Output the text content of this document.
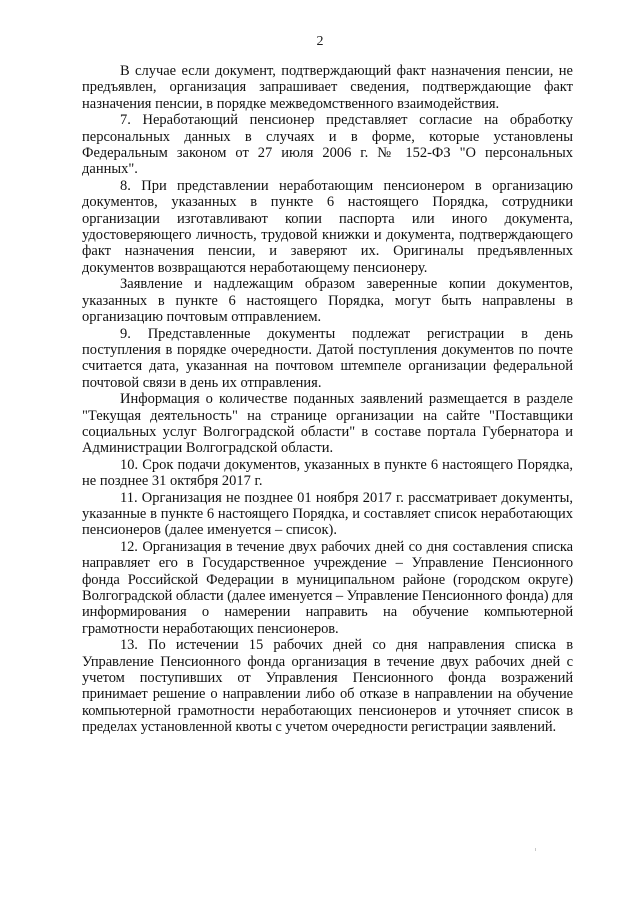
2

В случае если документ, подтверждающий факт назначения пенсии, не предъявлен, организация запрашивает сведения, подтверждающие факт назначения пенсии, в порядке межведомственного взаимодействия.

7. Неработающий пенсионер представляет согласие на обработку персональных данных в случаях и в форме, которые установлены Федеральным законом от 27 июля 2006 г. № 152-ФЗ "О персональных данных".

8. При представлении неработающим пенсионером в организацию документов, указанных в пункте 6 настоящего Порядка, сотрудники организации изготавливают копии паспорта или иного документа, удостоверяющего личность, трудовой книжки и документа, подтверждающего факт назначения пенсии, и заверяют их. Оригиналы предъявленных документов возвращаются неработающему пенсионеру.

Заявление и надлежащим образом заверенные копии документов, указанных в пункте 6 настоящего Порядка, могут быть направлены в организацию почтовым отправлением.

9. Представленные документы подлежат регистрации в день поступления в порядке очередности. Датой поступления документов по почте считается дата, указанная на почтовом штемпеле организации федеральной почтовой связи в день их отправления.

Информация о количестве поданных заявлений размещается в разделе "Текущая деятельность" на странице организации на сайте "Поставщики социальных услуг Волгоградской области" в составе портала Губернатора и Администрации Волгоградской области.

10. Срок подачи документов, указанных в пункте 6 настоящего Порядка, не позднее 31 октября 2017 г.

11. Организация не позднее 01 ноября 2017 г. рассматривает документы, указанные в пункте 6 настоящего Порядка, и составляет список неработающих пенсионеров (далее именуется – список).

12. Организация в течение двух рабочих дней со дня составления списка направляет его в Государственное учреждение – Управление Пенсионного фонда Российской Федерации в муниципальном районе (городском округе) Волгоградской области (далее именуется – Управление Пенсионного фонда) для информирования о намерении направить на обучение компьютерной грамотности неработающих пенсионеров.

13. По истечении 15 рабочих дней со дня направления списка в Управление Пенсионного фонда организация в течение двух рабочих дней с учетом поступивших от Управления Пенсионного фонда возражений принимает решение о направлении либо об отказе в направлении на обучение компьютерной грамотности неработающих пенсионеров и уточняет список в пределах установленной квоты с учетом очередности регистрации заявлений.
